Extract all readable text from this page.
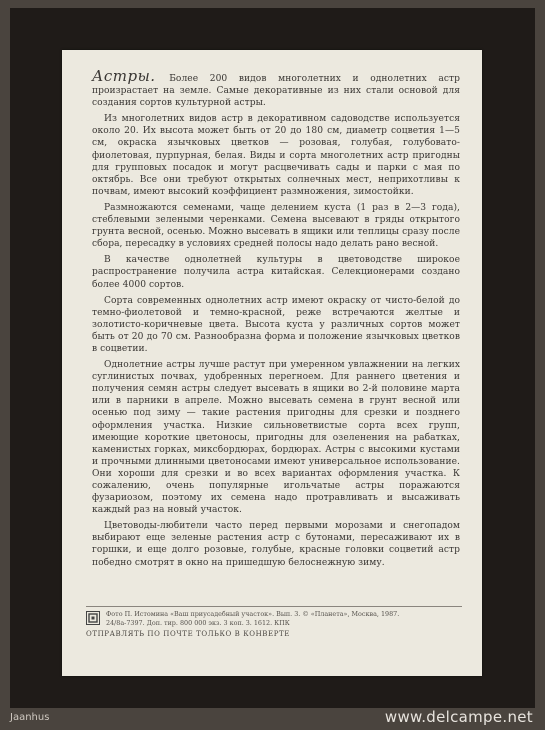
Астры. Более 200 видов многолетних и однолетних астр произрастает на земле. Самые декоративные из них стали основой для создания сортов культурной астры.

Из многолетних видов астр в декоративном садоводстве используется около 20. Их высота может быть от 20 до 180 см, диаметр соцветия 1—5 см, окраска язычковых цветков — розовая, голубая, голубовато-фиолетовая, пурпурная, белая. Виды и сорта многолетних астр пригодны для групповых посадок и могут расцвечивать сады и парки с мая по октябрь. Все они требуют открытых солнечных мест, неприхотливы к почвам, имеют высокий коэффициент размножения, зимостойки.

Размножаются семенами, чаще делением куста (1 раз в 2—3 года), стеблевыми зелеными черенками. Семена высевают в гряды открытого грунта весной, осенью. Можно высевать в ящики или теплицы сразу после сбора, пересадку в условиях средней полосы надо делать рано весной.

В качестве однолетней культуры в цветоводстве широкое распространение получила астра китайская. Селекционерами создано более 4000 сортов.

Сорта современных однолетних астр имеют окраску от чисто-белой до темно-фиолетовой и темно-красной, реже встречаются желтые и золотисто-коричневые цвета. Высота куста у различных сортов может быть от 20 до 70 см. Разнообразна форма и положение язычковых цветков в соцветии.

Однолетние астры лучше растут при умеренном увлажнении на легких суглинистых почвах, удобренных перегноем. Для раннего цветения и получения семян астры следует высевать в ящики во 2-й половине марта или в парники в апреле. Можно высевать семена в грунт весной или осенью под зиму — такие растения пригодны для срезки и позднего оформления участка. Низкие сильноветвистые сорта всех групп, имеющие короткие цветоносы, пригодны для озеленения на рабатках, каменистых горках, миксбордюрах, бордюрах. Астры с высокими кустами и прочными длинными цветоносами имеют универсальное использование. Они хороши для срезки и во всех вариантах оформления участка. К сожалению, очень популярные игольчатые астры поражаются фузариозом, поэтому их семена надо протравливать и высаживать каждый раз на новый участок.

Цветоводы-любители часто перед первыми морозами и снегопадом выбирают еще зеленые растения астр с бутонами, пересаживают их в горшки, и еще долго розовые, голубые, красные головки соцветий астр победно смотрят в окно на пришедшую белоснежную зиму.

Фото П. Истомина «Ваш приусадебный участок». Вып. 3. © «Планета», Москва, 1987.
24/8а-7397. Доп. тир. 800 000 экз. 3 коп. З. 1612. КПК
ОТПРАВЛЯТЬ ПО ПОЧТЕ ТОЛЬКО В КОНВЕРТЕ
Jaanhus	www.delcampe.net
